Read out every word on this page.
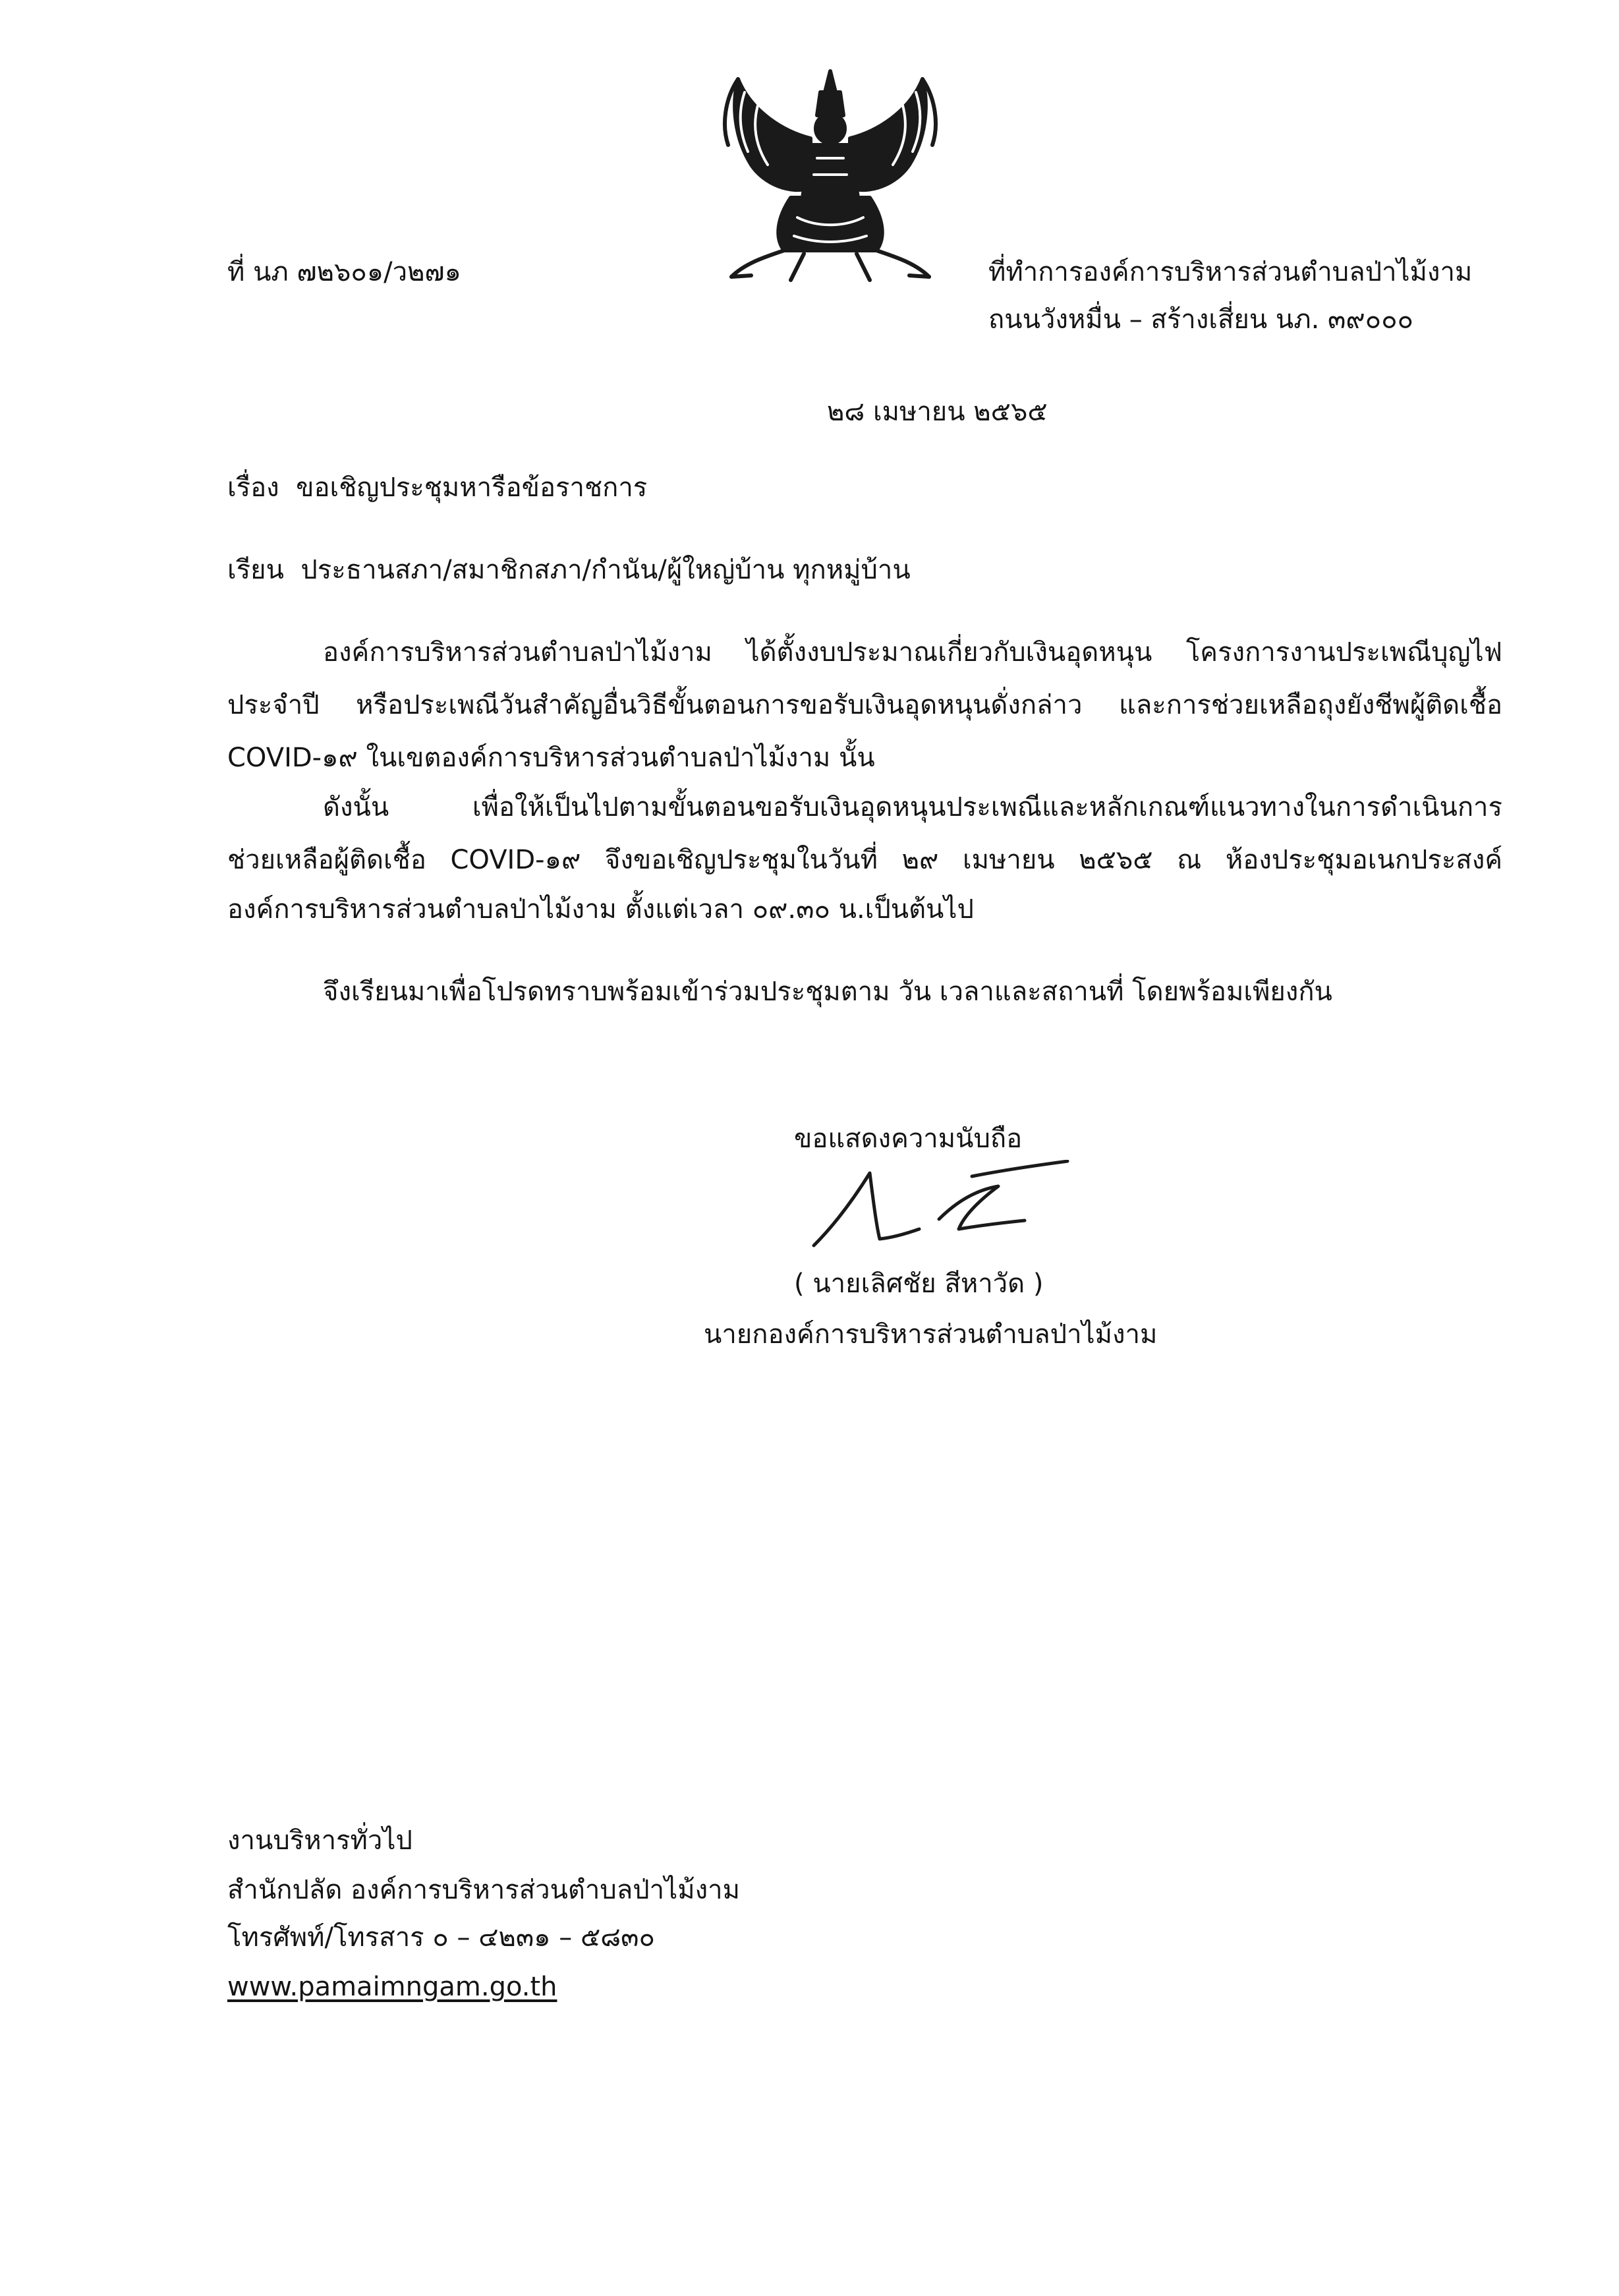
ที่ นภ ๗๒๖๐๑/ว๒๗๑	ที่ทำการองค์การบริหารส่วนตำบลป่าไม้งาม
ถนนวังหมื่น – สร้างเสี่ยน นภ. ๓๙๐๐๐
๒๘ เมษายน ๒๕๖๕
เรื่อง ขอเชิญประชุมหารือข้อราชการ
เรียน ประธานสภา/สมาชิกสภา/กำนัน/ผู้ใหญ่บ้าน ทุกหมู่บ้าน
องค์การบริหารส่วนตำบลป่าไม้งาม ได้ตั้งงบประมาณเกี่ยวกับเงินอุดหนุน โครงการงานประเพณีบุญไฟ
ประจำปี หรือประเพณีวันสำคัญอื่นวิธีขั้นตอนการขอรับเงินอุดหนุนดั่งกล่าว และการช่วยเหลือถุงยังชีพผู้ติดเชื้อ
COVID-๑๙ ในเขตองค์การบริหารส่วนตำบลป่าไม้งาม นั้น
ดังนั้น เพื่อให้เป็นไปตามขั้นตอนขอรับเงินอุดหนุนประเพณีและหลักเกณฑ์แนวทางในการดำเนินการ
ช่วยเหลือผู้ติดเชื้อ COVID-๑๙ จึงขอเชิญประชุมในวันที่ ๒๙ เมษายน ๒๕๖๕ ณ ห้องประชุมอเนกประสงค์
องค์การบริหารส่วนตำบลป่าไม้งาม ตั้งแต่เวลา ๐๙.๓๐ น.เป็นต้นไป
จึงเรียนมาเพื่อโปรดทราบพร้อมเข้าร่วมประชุมตาม วัน เวลาและสถานที่ โดยพร้อมเพียงกัน
ขอแสดงความนับถือ
( นายเลิศชัย สีหาวัด )
นายกองค์การบริหารส่วนตำบลป่าไม้งาม
งานบริหารทั่วไป
สำนักปลัด องค์การบริหารส่วนตำบลป่าไม้งาม
โทรศัพท์/โทรสาร ๐ – ๔๒๓๑ – ๕๘๓๐
www.pamaimngam.go.th
